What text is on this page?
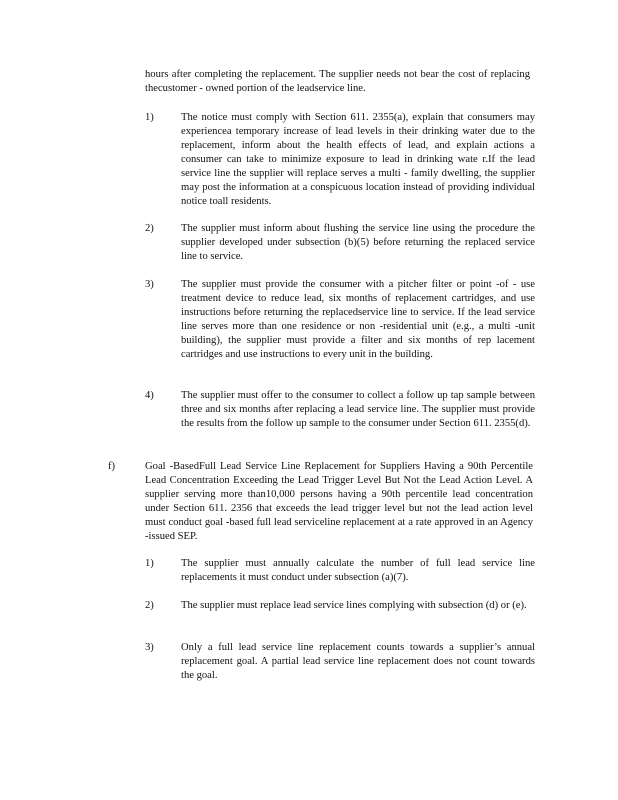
hours after completing the replacement. The supplier needs not bear the cost of replacing thecustomer - owned portion of the leadservice line.
1)	The notice must comply with Section 611. 2355(a), explain that consumers may experiencea temporary increase of lead levels in their drinking water due to the replacement, inform about the health effects of lead, and explain actions a consumer can take to minimize exposure to lead in drinking wate r.If the lead service line the supplier will replace serves a multi - family dwelling, the supplier may post the information at a conspicuous location instead of providing individual notice toall residents.
2)	The supplier must inform about flushing the service line using the procedure the supplier developed under subsection (b)(5) before returning the replaced service line to service.
3)	The supplier must provide the consumer with a pitcher filter or point -of - use treatment device to reduce lead, six months of replacement cartridges, and use instructions before returning the replacedservice line to service. If the lead service line serves more than one residence or non -residential unit (e.g., a multi -unit building), the supplier must provide a filter and six months of rep lacement cartridges and use instructions to every unit in the building.
4)	The supplier must offer to the consumer to collect a follow up tap sample between three and six months after replacing a lead service line. The supplier must provide the results from the follow up sample to the consumer under Section 611. 2355(d).
f)	Goal -BasedFull Lead Service Line Replacement for Suppliers Having a 90th Percentile Lead Concentration Exceeding the Lead Trigger Level But Not the Lead Action Level. A supplier serving more than10,000 persons having a 90th percentile lead concentration under Section 611. 2356 that exceeds the lead trigger level but not the lead action level must conduct goal -based full lead serviceline replacement at a rate approved in an Agency -issued SEP.
1)	The supplier must annually calculate the number of full lead service line replacements it must conduct under subsection (a)(7).
2)	The supplier must replace lead service lines complying with subsection (d) or (e).
3)	Only a full lead service line replacement counts towards a supplier’s annual replacement goal. A partial lead service line replacement does not count towards the goal.
